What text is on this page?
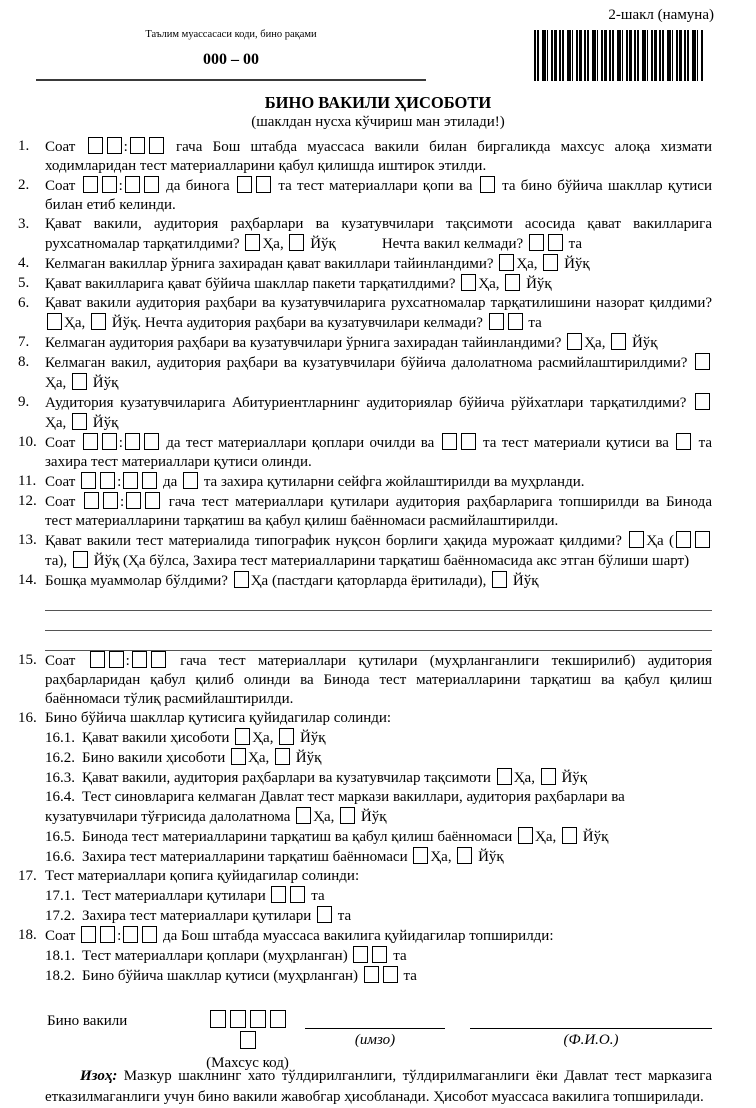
2-шакл (намуна)
Таълим муассасаси коди, бино рақами
000 – 00
БИНО ВАКИЛИ ҲИСОБОТИ
(шаклдан нусха кўчириш ман этилади!)
1. Соат	:	гача Бош штабда муассаса вакили билан биргаликда махсус алоқа хизмати ходимларидан тест материалларини қабул қилишда иштирок этилди.
2. Соат	:	да бинога	та тест материаллари қопи ва  та бино бўйича шакллар қутиси билан етиб келинди.
3. Қават вакили, аудитория раҳбарлари ва кузатувчилари тақсимоти асосида қават вакилларига рухсатномалар тарқатилдими? Ҳа,  Йўқ	Нечта вакил келмади?	та
4. Келмаган вакиллар ўрнига захирадан қават вакиллари тайинландими? Ҳа,  Йўқ
5. Қават вакилларига қават бўйича шакллар пакети тарқатилдими? Ҳа,  Йўқ
6. Қават вакили аудитория раҳбари ва кузатувчиларига рухсатномалар тарқатилишини назорат қилдими? Ҳа,  Йўқ. Нечта аудитория раҳбари ва кузатувчилари келмади?	та
7. Келмаган аудитория раҳбари ва кузатувчилари ўрнига захирадан тайинландими? Ҳа,  Йўқ
8. Келмаган вакил, аудитория раҳбари ва кузатувчилари бўйича далолатнома расмийлаштирилдими? Ҳа,  Йўқ
9. Аудитория кузатувчиларига Абитуриентларнинг аудиториялар бўйича рўйхатлари тарқатилдими? Ҳа,  Йўқ
10. Соат	:	да тест материаллари қоплари очилди ва	та тест материали қутиси ва  та захира тест материаллари қутиси олинди.
11. Соат	:	да  та захира қутиларни сейфга жойлаштирилди ва муҳрланди.
12. Соат	:	гача тест материаллари қутилари аудитория раҳбарларига топширилди ва Бинода тест материалларини тарқатиш ва қабул қилиш баённомаси расмийлаштирилди.
13. Қават вакили тест материалида типографик нуқсон борлиги ҳақида мурожаат қилдими? Ҳа ( та),  Йўқ (Ҳа бўлса, Захира тест материалларини тарқатиш баённомасида акс этган бўлиши шарт)
14. Бошқа муаммолар бўлдими? Ҳа (пастдаги қаторларда ёритилади),  Йўқ
15. Соат	:	гача тест материаллари қутилари (муҳрланганлиги текширилиб) аудитория раҳбарларидан қабул қилиб олинди ва Бинода тест материалларини тарқатиш ва қабул қилиш баённомаси тўлиқ расмийлаштирилди.
16. Бино бўйича шакллар қутисига қуйидагилар солинди:
16.1. Қават вакили ҳисоботи Ҳа,  Йўқ
16.2. Бино вакили ҳисоботи Ҳа,  Йўқ
16.3. Қават вакили, аудитория раҳбарлари ва кузатувчилар тақсимоти Ҳа,  Йўқ
16.4. Тест синовларига келмаган Давлат тест маркази вакиллари, аудитория раҳбарлари ва кузатувчилари тўғрисида далолатнома Ҳа,  Йўқ
16.5. Бинода тест материалларини тарқатиш ва қабул қилиш баённомаси Ҳа,  Йўқ
16.6. Захира тест материалларини тарқатиш баённомаси Ҳа,  Йўқ
17. Тест материаллари қопига қуйидагилар солинди:
17.1. Тест материаллари қутилари	та
17.2. Захира тест материаллари қутилари  та
18. Соат	:	да Бош штабда муассаса вакилига қуйидагилар топширилди:
18.1. Тест материаллари қоплари (муҳрланган)	та
18.2. Бино бўйича шакллар қутиси (муҳрланган)	та
Бино вакили
(Махсус код)
(имзо)	(Ф.И.О.)
Изоҳ: Мазкур шаклнинг хато тўлдирилганлиги, тўлдирилмаганлиги ёки Давлат тест марказига етказилмаганлиги учун бино вакили жавобгар ҳисобланади. Ҳисобот муассаса вакилига топширилади.
